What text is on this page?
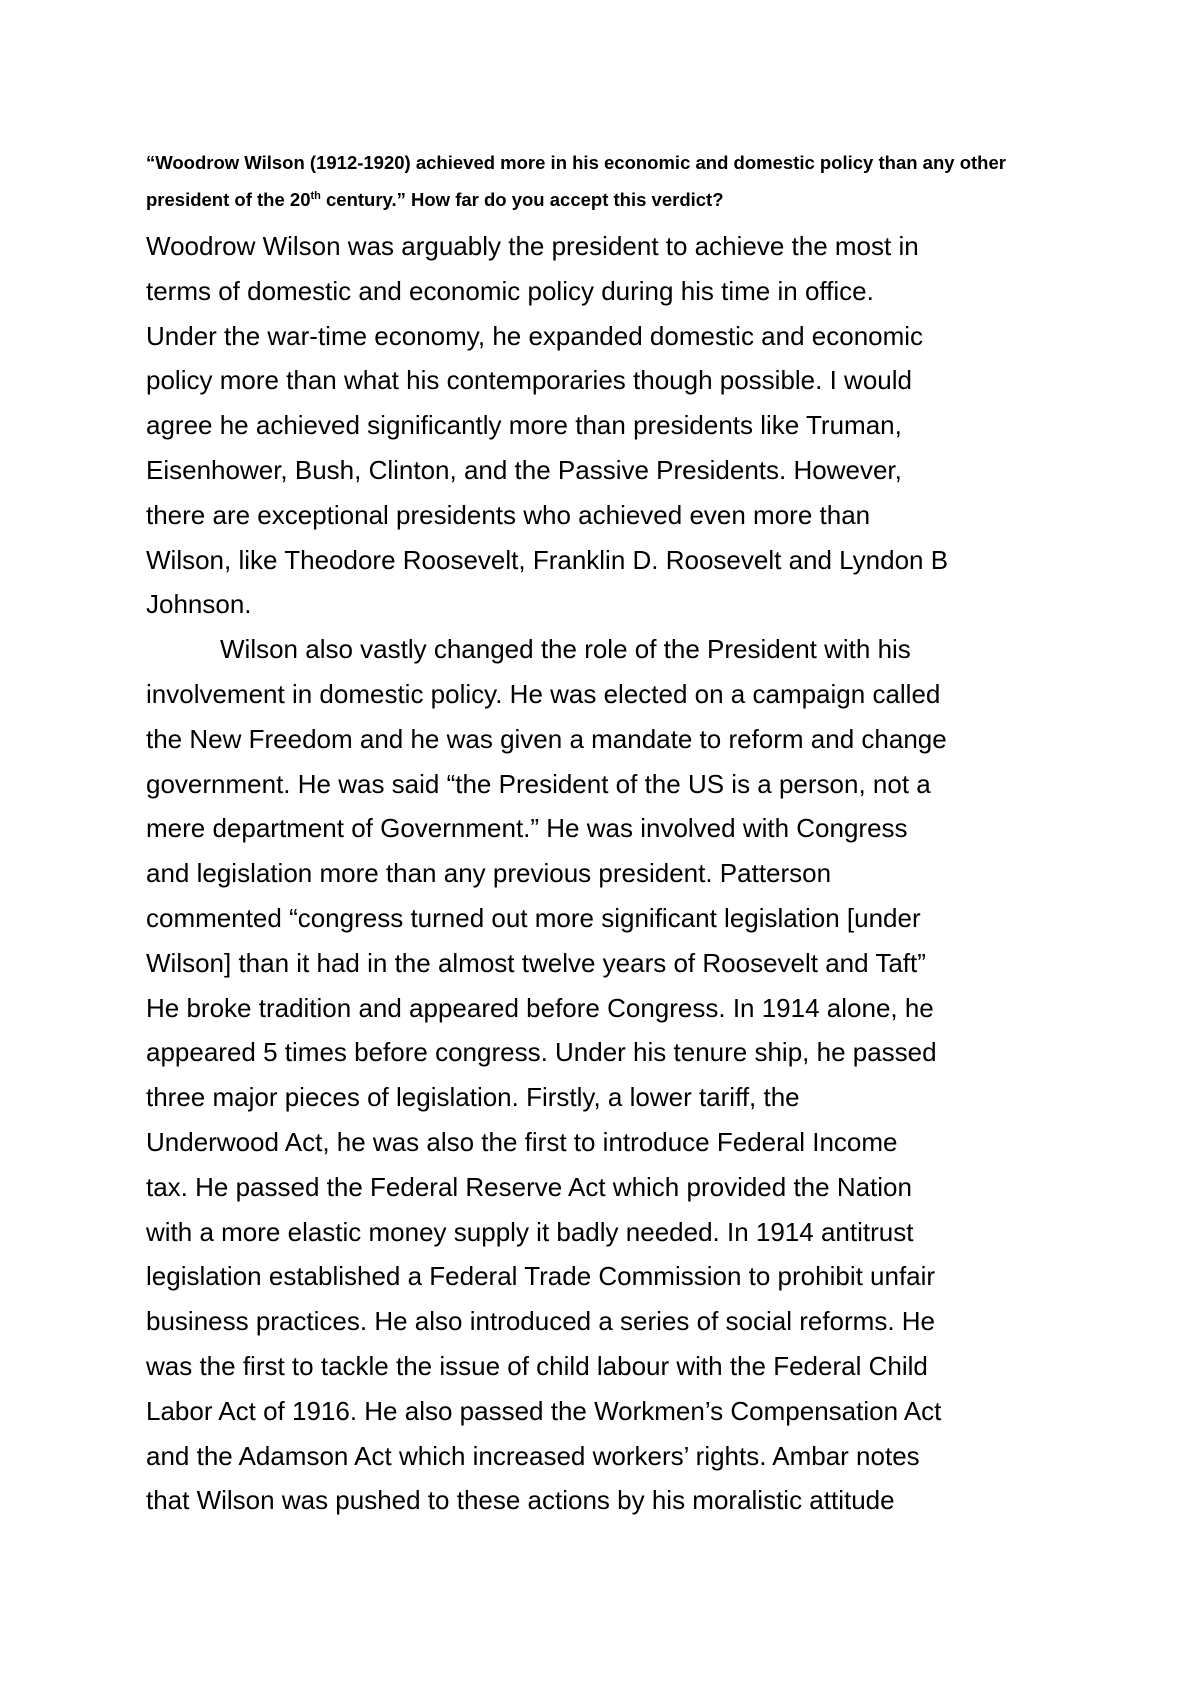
“Woodrow Wilson (1912-1920) achieved more in his economic and domestic policy than any other
president of the 20th century.” How far do you accept this verdict?

Woodrow Wilson was arguably the president to achieve the most in
terms of domestic and economic policy during his time in office.
Under the war-time economy, he expanded domestic and economic
policy more than what his contemporaries though possible. I would
agree he achieved significantly more than presidents like Truman,
Eisenhower, Bush, Clinton, and the Passive Presidents. However,
there are exceptional presidents who achieved even more than
Wilson, like Theodore Roosevelt, Franklin D. Roosevelt and Lyndon B
Johnson.

Wilson also vastly changed the role of the President with his
involvement in domestic policy. He was elected on a campaign called
the New Freedom and he was given a mandate to reform and change
government. He was said “the President of the US is a person, not a
mere department of Government.” He was involved with Congress
and legislation more than any previous president. Patterson
commented “congress turned out more significant legislation [under
Wilson] than it had in the almost twelve years of Roosevelt and Taft”
He broke tradition and appeared before Congress. In 1914 alone, he
appeared 5 times before congress. Under his tenure ship, he passed
three major pieces of legislation. Firstly, a lower tariff, the
Underwood Act, he was also the first to introduce Federal Income
tax. He passed the Federal Reserve Act which provided the Nation
with a more elastic money supply it badly needed. In 1914 antitrust
legislation established a Federal Trade Commission to prohibit unfair
business practices. He also introduced a series of social reforms. He
was the first to tackle the issue of child labour with the Federal Child
Labor Act of 1916. He also passed the Workmen’s Compensation Act
and the Adamson Act which increased workers’ rights. Ambar notes
that Wilson was pushed to these actions by his moralistic attitude
